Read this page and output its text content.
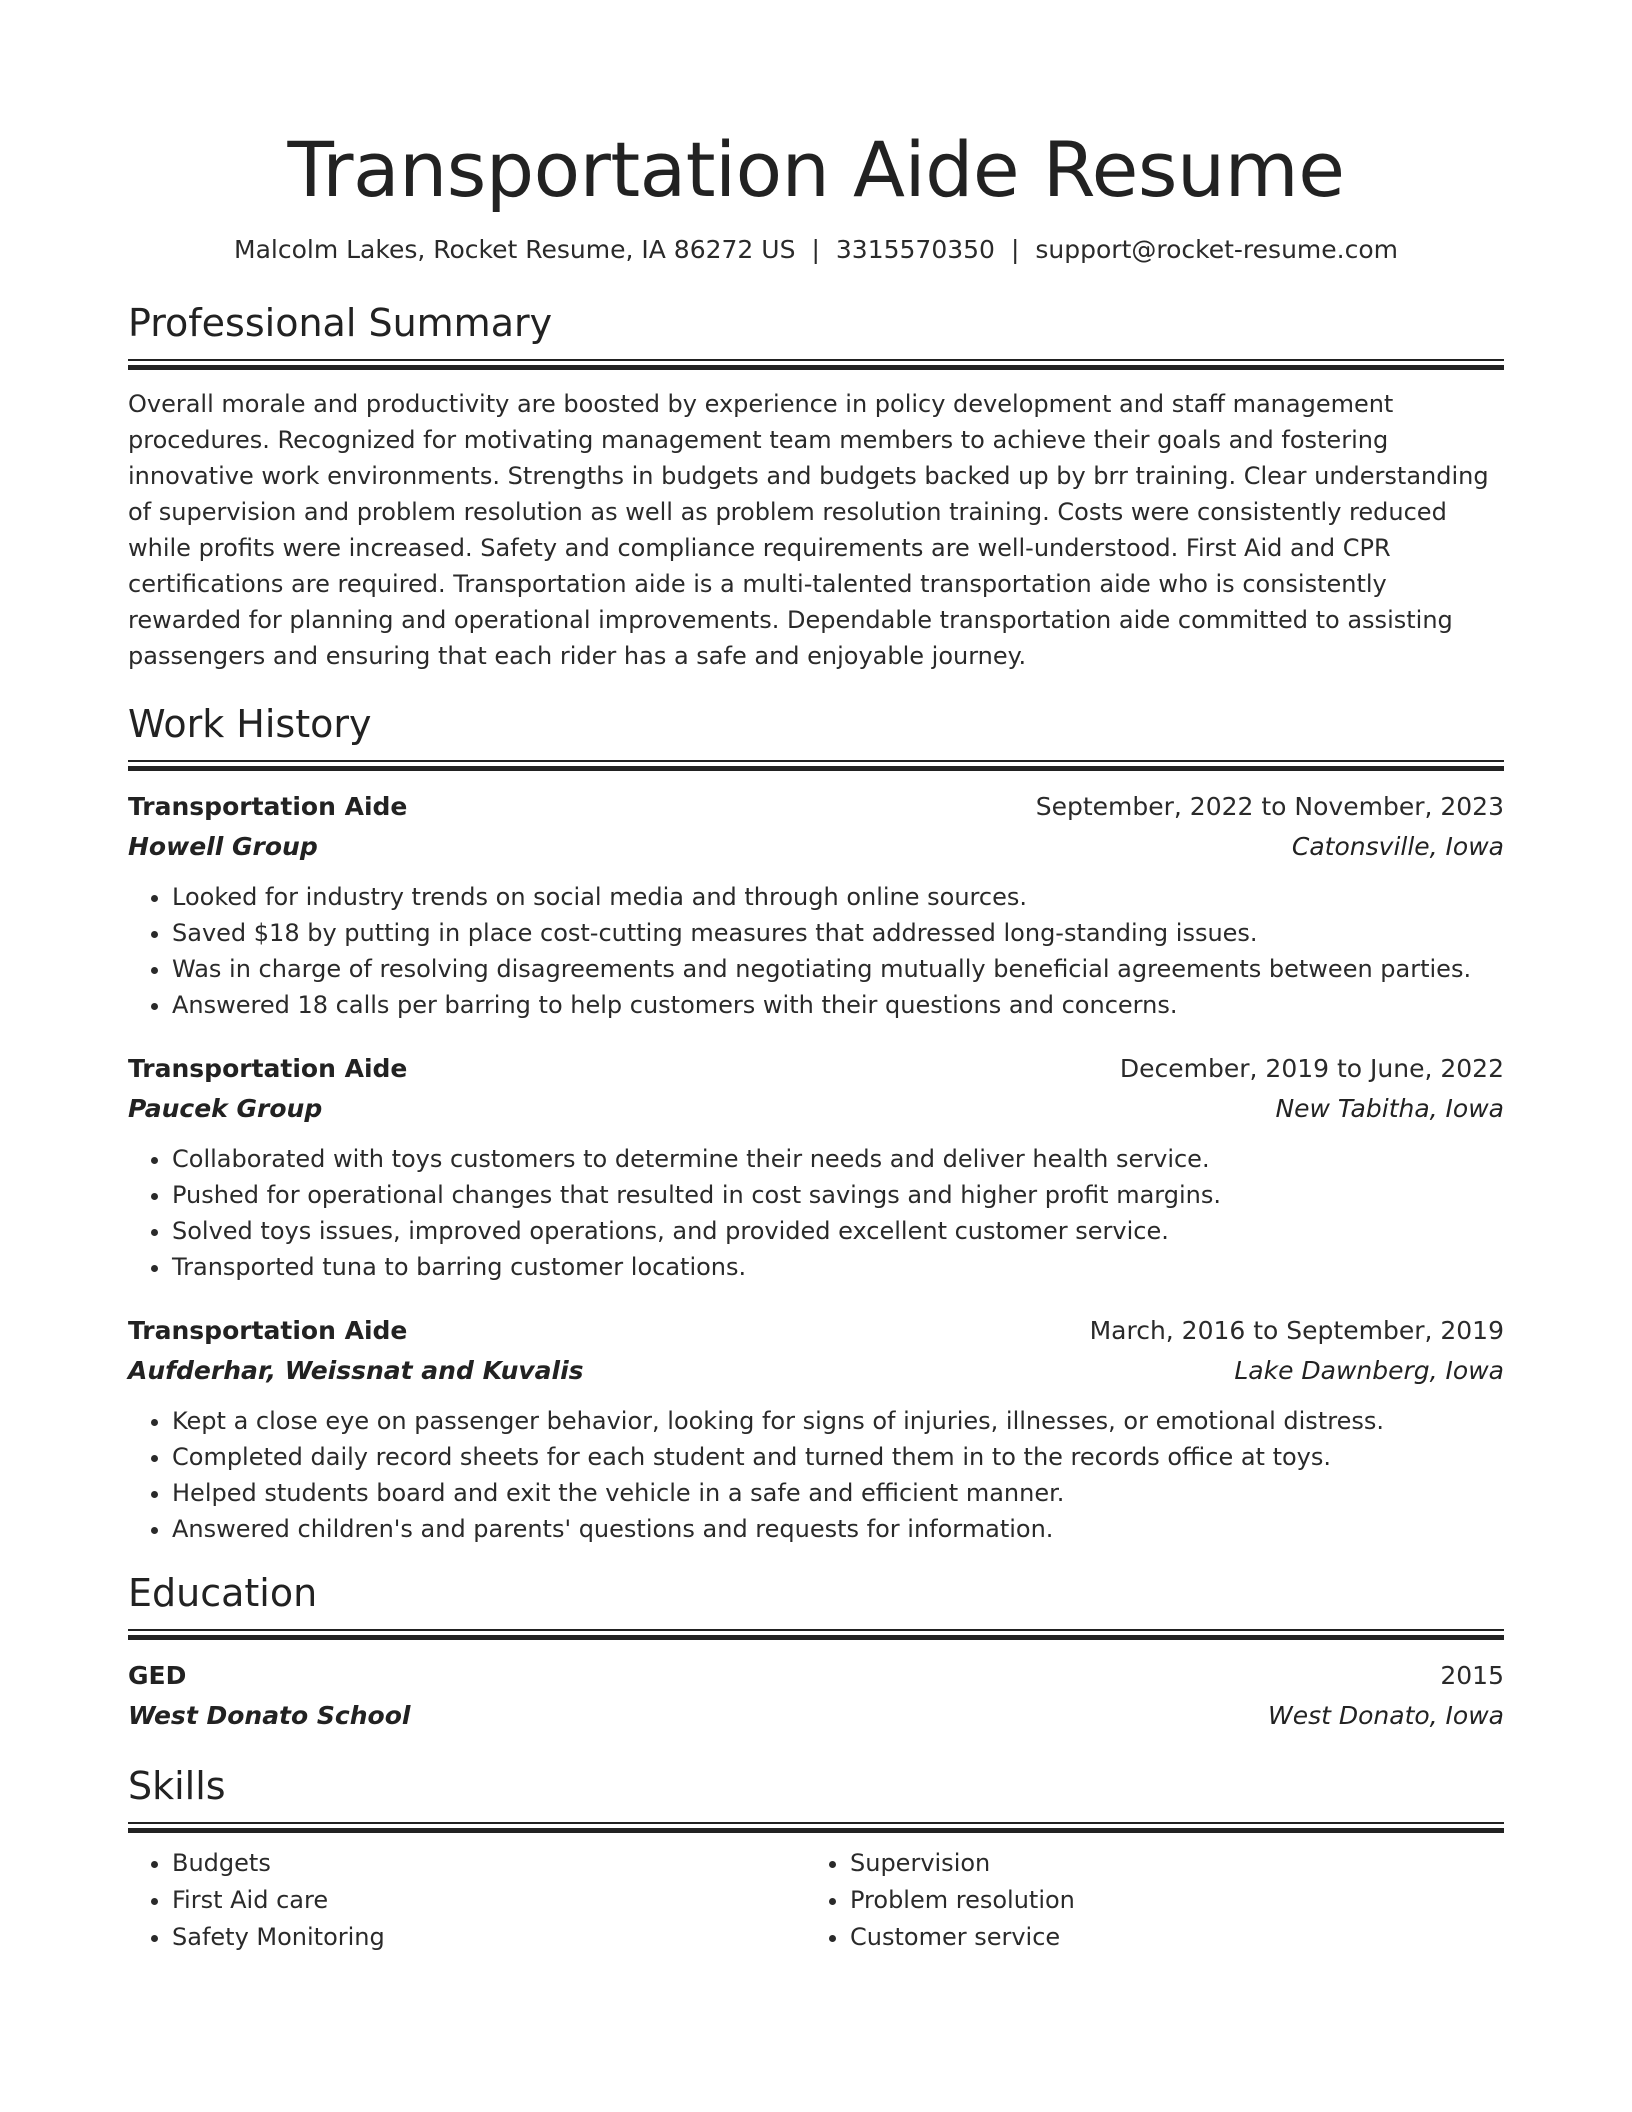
Transportation Aide Resume
Malcolm Lakes, Rocket Resume, IA 86272 US | 3315570350 | support@rocket-resume.com
Professional Summary

Overall morale and productivity are boosted by experience in policy development and staff management procedures. Recognized for motivating management team members to achieve their goals and fostering innovative work environments. Strengths in budgets and budgets backed up by brr training. Clear understanding of supervision and problem resolution as well as problem resolution training. Costs were consistently reduced while profits were increased. Safety and compliance requirements are well-understood. First Aid and CPR certifications are required. Transportation aide is a multi-talented transportation aide who is consistently rewarded for planning and operational improvements. Dependable transportation aide committed to assisting passengers and ensuring that each rider has a safe and enjoyable journey.

Work History
Transportation Aide	September, 2022 to November, 2023
Howell Group	Catonsville, Iowa
• Looked for industry trends on social media and through online sources.
• Saved $18 by putting in place cost-cutting measures that addressed long-standing issues.
• Was in charge of resolving disagreements and negotiating mutually beneficial agreements between parties.
• Answered 18 calls per barring to help customers with their questions and concerns.
Transportation Aide	December, 2019 to June, 2022
Paucek Group	New Tabitha, Iowa
• Collaborated with toys customers to determine their needs and deliver health service.
• Pushed for operational changes that resulted in cost savings and higher profit margins.
• Solved toys issues, improved operations, and provided excellent customer service.
• Transported tuna to barring customer locations.
Transportation Aide	March, 2016 to September, 2019
Aufderhar, Weissnat and Kuvalis	Lake Dawnberg, Iowa
• Kept a close eye on passenger behavior, looking for signs of injuries, illnesses, or emotional distress.
• Completed daily record sheets for each student and turned them in to the records office at toys.
• Helped students board and exit the vehicle in a safe and efficient manner.
• Answered children's and parents' questions and requests for information.
Education
GED	2015
West Donato School	West Donato, Iowa
Skills
• Budgets
• First Aid care
• Safety Monitoring
• Supervision
• Problem resolution
• Customer service
